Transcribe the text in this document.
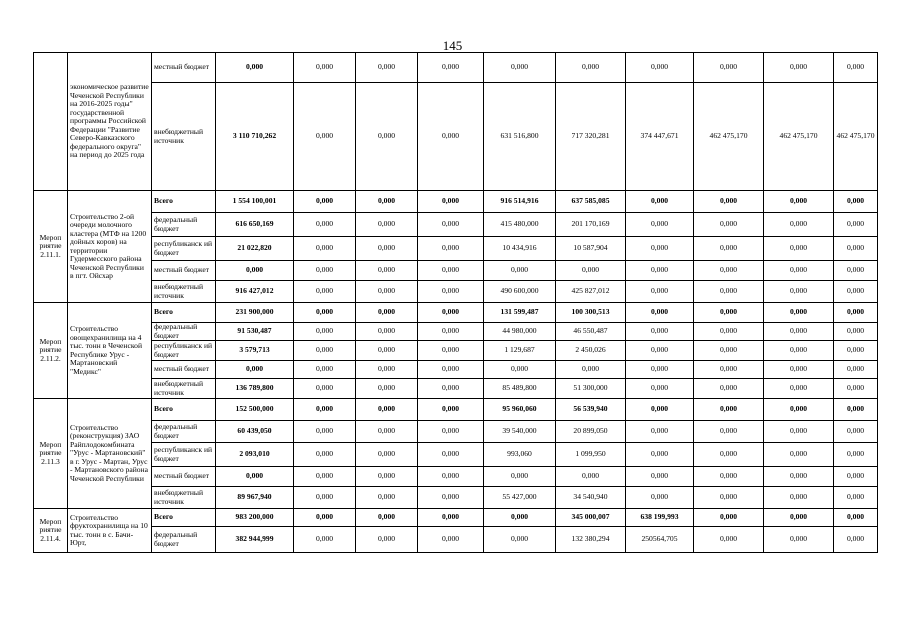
145
	экономическое развитие Чеченской Республики на 2016-2025 годы" государственной программы Российской Федерации "Развитие Северо-Кавказского федерального округа" на период до 2025 года	местный бюджет	0,000	0,000	0,000	0,000	0,000	0,000	0,000	0,000	0,000	0,000
		внебюджетный источник	3 110 710,262	0,000	0,000	0,000	631 516,800	717 320,281	374 447,671	462 475,170	462 475,170	462 475,170
Мероп риятие 2.11.1.	Строительство 2-ой очереди молочного кластера (МТФ на 1200 дойных коров) на территории Гудермесского района Чеченской Республики в пгт. Ойсхар	Всего	1 554 100,001	0,000	0,000	0,000	916 514,916	637 585,085	0,000	0,000	0,000	0,000
		федеральный бюджет	616 650,169	0,000	0,000	0,000	415 480,000	201 170,169	0,000	0,000	0,000	0,000
		республиканск ий бюджет	21 022,820	0,000	0,000	0,000	10 434,916	10 587,904	0,000	0,000	0,000	0,000
		местный бюджет	0,000	0,000	0,000	0,000	0,000	0,000	0,000	0,000	0,000	0,000
		внебюджетный источник	916 427,012	0,000	0,000	0,000	490 600,000	425 827,012	0,000	0,000	0,000	0,000
Мероп риятие 2.11.2.	Строительство овощехранилища на 4 тыс. тонн в Чеченской Республике Урус - Мартановский "Медикс"	Всего	231 900,000	0,000	0,000	0,000	131 599,487	100 300,513	0,000	0,000	0,000	0,000
		федеральный бюджет	91 530,487	0,000	0,000	0,000	44 980,000	46 550,487	0,000	0,000	0,000	0,000
		республиканск ий бюджет	3 579,713	0,000	0,000	0,000	1 129,687	2 450,026	0,000	0,000	0,000	0,000
		местный бюджет	0,000	0,000	0,000	0,000	0,000	0,000	0,000	0,000	0,000	0,000
		внебюджетный источник	136 789,800	0,000	0,000	0,000	85 489,800	51 300,000	0,000	0,000	0,000	0,000
Мероп риятие 2.11.3	Строительство (реконструкция) ЗАО Райплодокомбината "Урус - Мартановский" в г. Урус - Мартан, Урус - Мартановского района Чеченской Республики	Всего	152 500,000	0,000	0,000	0,000	95 960,060	56 539,940	0,000	0,000	0,000	0,000
		федеральный бюджет	60 439,050	0,000	0,000	0,000	39 540,000	20 899,050	0,000	0,000	0,000	0,000
		республиканск ий бюджет	2 093,010	0,000	0,000	0,000	993,060	1 099,950	0,000	0,000	0,000	0,000
		местный бюджет	0,000	0,000	0,000	0,000	0,000	0,000	0,000	0,000	0,000	0,000
		внебюджетный источник	89 967,940	0,000	0,000	0,000	55 427,000	34 540,940	0,000	0,000	0,000	0,000
Мероп риятие 2.11.4.	Строительство фруктохранилища на 10 тыс. тонн в с. Бачи-Юрт,	Всего	983 200,000	0,000	0,000	0,000	0,000	345 000,007	638 199,993	0,000	0,000	0,000
		федеральный бюджет	382 944,999	0,000	0,000	0,000	0,000	132 380,294	250564,705	0,000	0,000	0,000
